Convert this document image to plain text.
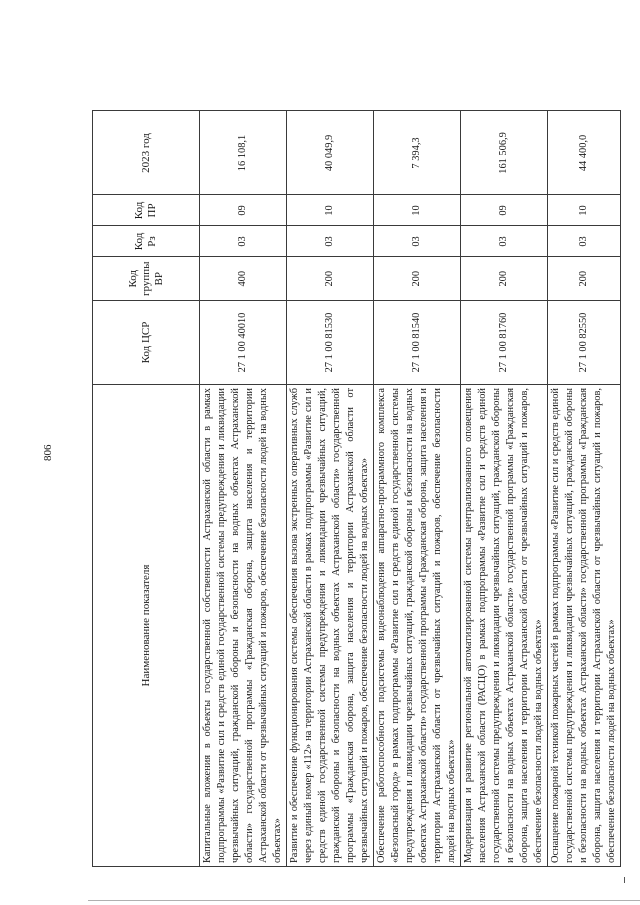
806
Наименование показателя	Код ЦСР	Код группы ВР	Код Рз	Код ПР	2023 год
Капитальные вложения в объекты государственной собственности Астраханской области в рамках подпрограммы «Развитие сил и средств единой государственной системы предупреждения и ликвидации чрезвычайных ситуаций, гражданской обороны и безопасности на водных объектах Астраханской области» государственной программы «Гражданская оборона, защита населения и территории Астраханской области от чрезвычайных ситуаций и пожаров, обеспечение безопасности людей на водных объектах»	27 1 00 40010	400	03	09	16 108,1
Развитие и обеспечение функционирования системы обеспечения вызова экстренных оперативных служб через единый номер «112» на территории Астраханской области в рамках подпрограммы «Развитие сил и средств единой государственной системы предупреждения и ликвидации чрезвычайных ситуаций, гражданской обороны и безопасности на водных объектах Астраханской области» государственной программы «Гражданская оборона, защита населения и территории Астраханской области от чрезвычайных ситуаций и пожаров, обеспечение безопасности людей на водных объектах»	27 1 00 81530	200	03	10	40 049,9
Обеспечение работоспособности подсистемы видеонаблюдения аппаратно-программного комплекса «Безопасный город» в рамках подпрограммы «Развитие сил и средств единой государственной системы предупреждения и ликвидации чрезвычайных ситуаций, гражданской обороны и безопасности на водных объектах Астраханской области» государственной программы «Гражданская оборона, защита населения и территории Астраханской области от чрезвычайных ситуаций и пожаров, обеспечение безопасности людей на водных объектах»	27 1 00 81540	200	03	10	7 394,3
Модернизация и развитие региональной автоматизированной системы централизованного оповещения населения Астраханской области (РАСЦО) в рамках подпрограммы «Развитие сил и средств единой государственной системы предупреждения и ликвидации чрезвычайных ситуаций, гражданской обороны и безопасности на водных объектах Астраханской области» государственной программы «Гражданская оборона, защита населения и территории Астраханской области от чрезвычайных ситуаций и пожаров, обеспечение безопасности людей на водных объектах»	27 1 00 81760	200	03	09	161 506,9
Оснащение пожарной техникой пожарных частей в рамках подпрограммы «Развитие сил и средств единой государственной системы предупреждения и ликвидации чрезвычайных ситуаций, гражданской обороны и безопасности на водных объектах Астраханской области» государственной программы «Гражданская оборона, защита населения и территории Астраханской области от чрезвычайных ситуаций и пожаров, обеспечение безопасности людей на водных объектах»	27 1 00 82550	200	03	10	44 400,0
